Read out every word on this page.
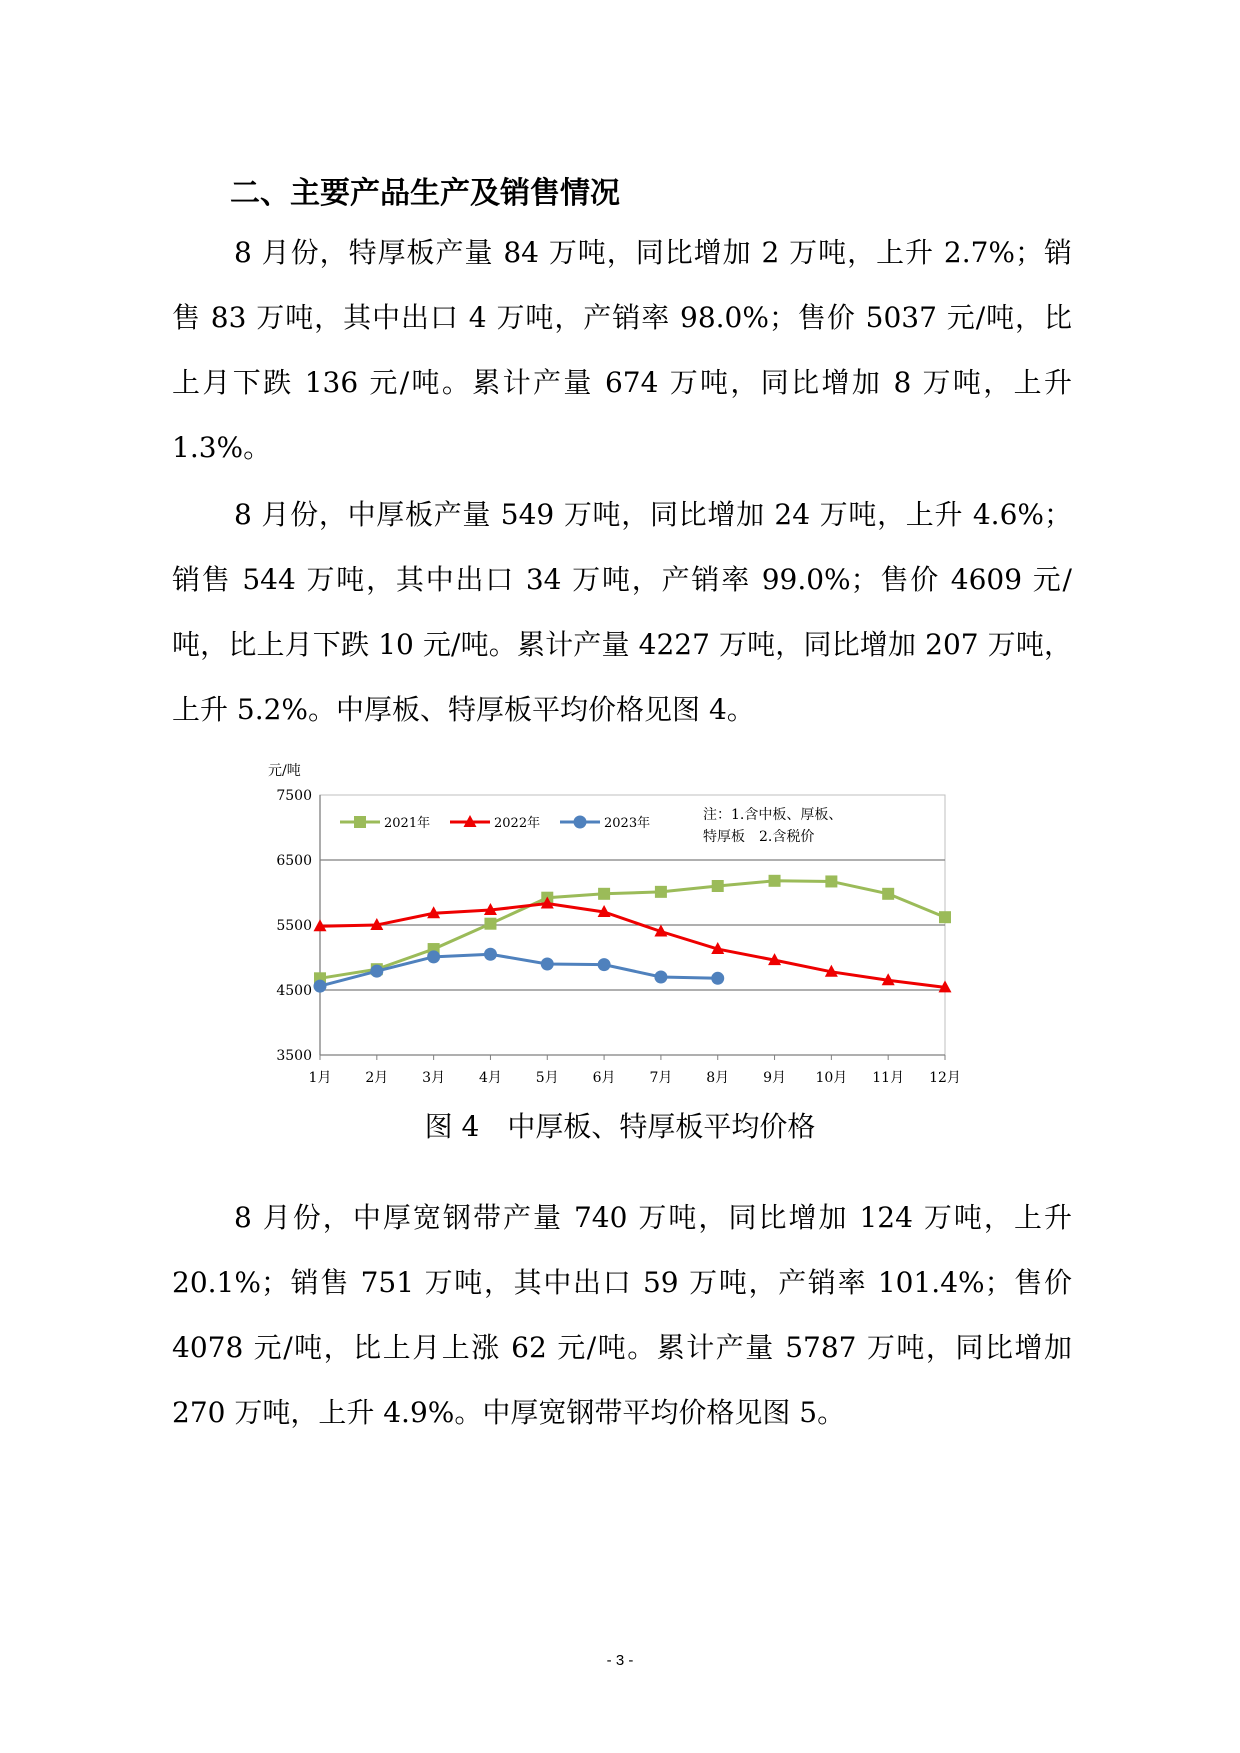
二、主要产品生产及销售情况

8 月份，特厚板产量 84 万吨，同比增加 2 万吨，上升 2.7%；销售 83 万吨，其中出口 4 万吨，产销率 98.0%；售价 5037 元/吨，比上月下跌 136 元/吨。累计产量 674 万吨，同比增加 8 万吨，上升 1.3%。

8 月份，中厚板产量 549 万吨，同比增加 24 万吨，上升 4.6%；销售 544 万吨，其中出口 34 万吨，产销率 99.0%；售价 4609 元/吨，比上月下跌 10 元/吨。累计产量 4227 万吨，同比增加 207 万吨，上升 5.2%。中厚板、特厚板平均价格见图 4。

3500
4500
5500
6500
7500
1月 2月 3月 4月 5月 6月 7月 8月 9月 10月 11月 12月
元/吨
2021年	2022年	2023年
注：1.含中板、厚板、
特厚板　2.含税价
图 4　中厚板、特厚板平均价格

8 月份，中厚宽钢带产量 740 万吨，同比增加 124 万吨，上升 20.1%；销售 751 万吨，其中出口 59 万吨，产销率 101.4%；售价 4078 元/吨，比上月上涨 62 元/吨。累计产量 5787 万吨，同比增加 270 万吨，上升 4.9%。中厚宽钢带平均价格见图 5。

- 3 -
